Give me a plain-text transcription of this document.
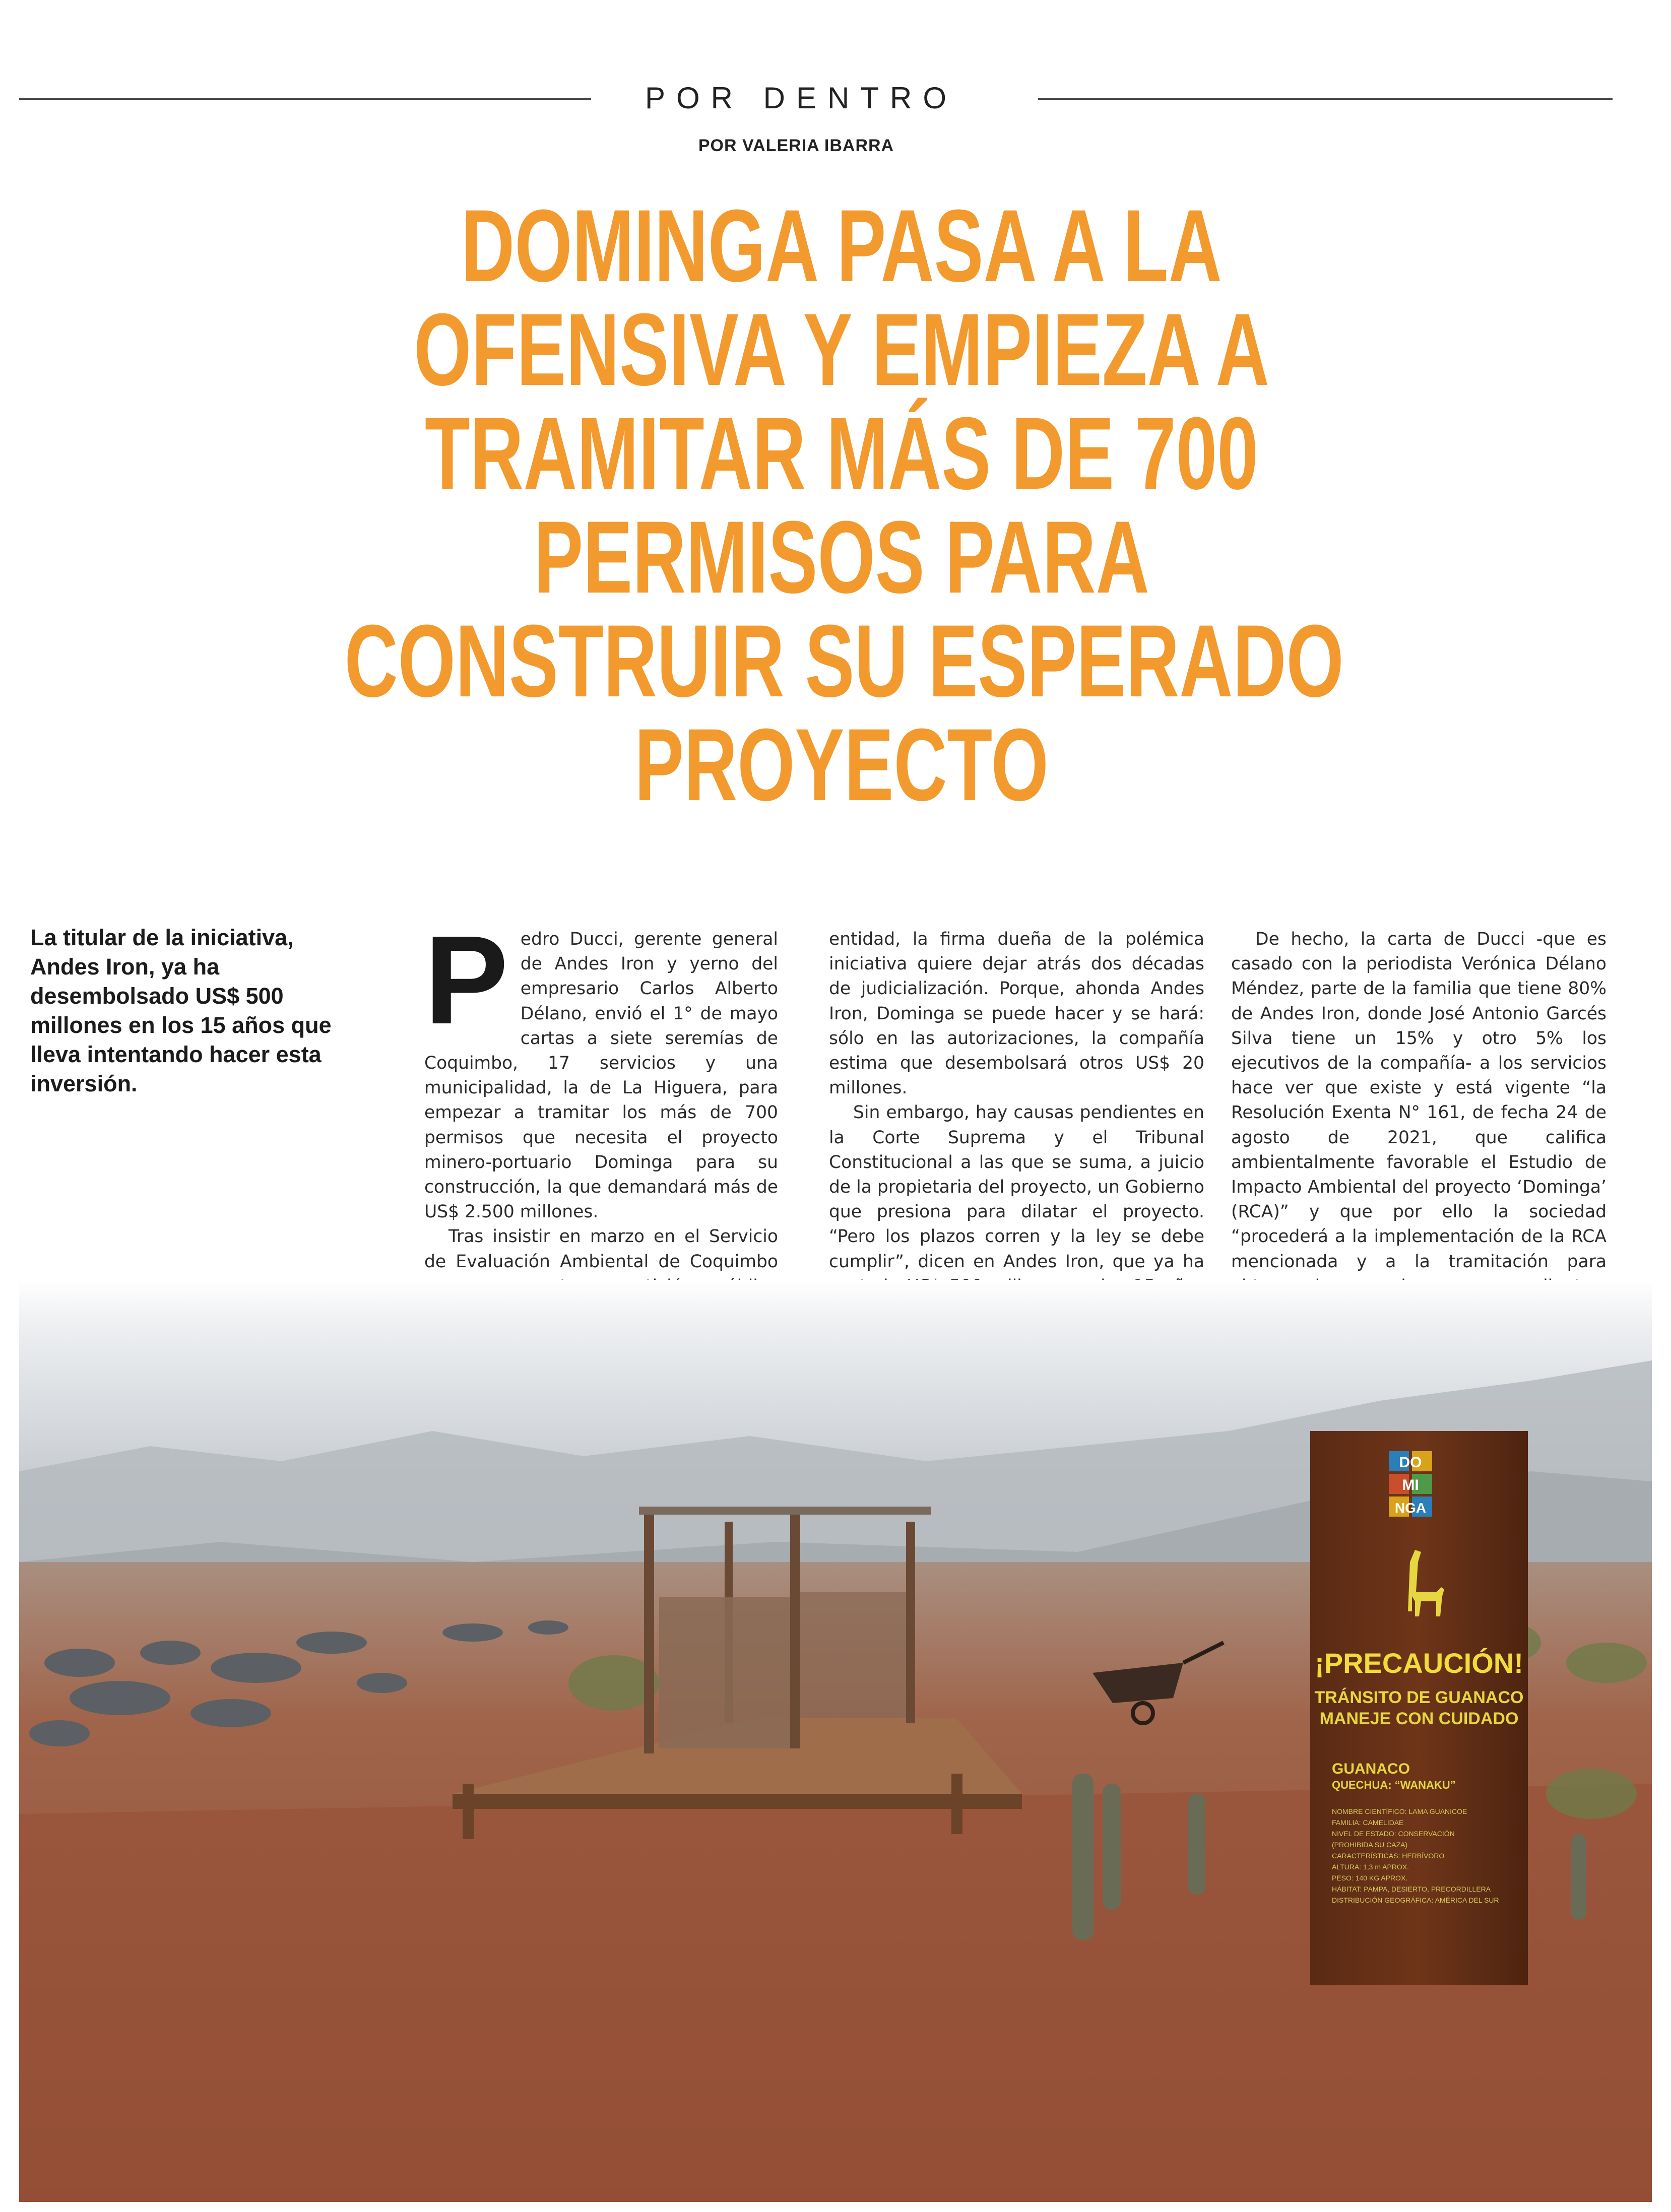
POR DENTRO
POR VALERIA IBARRA
DOMINGA PASA A LA
OFENSIVA Y EMPIEZA A
TRAMITAR MÁS DE 700
PERMISOS PARA
CONSTRUIR SU ESPERADO
PROYECTO
La titular de la iniciativa, Andes Iron, ya ha desembolsado US$ 500 millones en los 15 años que lleva intentando hacer esta inversión.
P edro Ducci, gerente general de Andes Iron y yerno del empresario Carlos Alberto Délano, envió el 1° de mayo cartas a siete seremías de Coquimbo, 17 servicios y una municipalidad, la de La Higuera, para empezar a tramitar los más de 700 permisos que necesita el proyecto minero-portuario Dominga para su construcción, la que demandará más de US$ 2.500 millones.

Tras insistir en marzo en el Servicio de Evaluación Ambiental de Coquimbo

entidad, la firma dueña de la polémica iniciativa quiere dejar atrás dos décadas de judicialización. Porque, ahonda Andes Iron, Dominga se puede hacer y se hará: sólo en las autorizaciones, la compañía estima que desembolsará otros US$ 20 millones.

Sin embargo, hay causas pendientes en la Corte Suprema y el Tribunal Constitucional a las que se suma, a juicio de la propietaria del proyecto, un Gobierno que presiona para dilatar el proyecto. “Pero los plazos corren y la ley se debe cumplir”, dicen en Andes Iron, que ya ha

De hecho, la carta de Ducci -que es casado con la periodista Verónica Délano Méndez, parte de la familia que tiene 80% de Andes Iron, donde José Antonio Garcés Silva tiene un 15% y otro 5% los ejecutivos de la compañía- a los servicios hace ver que existe y está vigente “la Resolución Exenta N° 161, de fecha 24 de agosto de 2021, que califica ambientalmente favorable el Estudio de Impacto Ambiental del proyecto ‘Dominga’ (RCA)” y que por ello la sociedad “procederá a la implementación de la RCA mencionada y a la tramitación para

DO
MI
NGA
¡PRECAUCIÓN!
TRÁNSITO DE GUANACO
MANEJE CON CUIDADO
GUANACO
QUECHUA: “WANAKU”
NOMBRE CIENTÍFICO: LAMA GUANICOE
FAMILIA: CAMELIDAE
NIVEL DE ESTADO: CONSERVACIÓN
(PROHIBIDA SU CAZA)
CARACTERÍSTICAS: HERBÍVORO
ALTURA: 1,3 m APROX.
PESO: 140 KG APROX.
HÁBITAT: PAMPA, DESIERTO, PRECORDILLERA
DISTRIBUCIÓN GEOGRÁFICA: AMÉRICA DEL SUR
